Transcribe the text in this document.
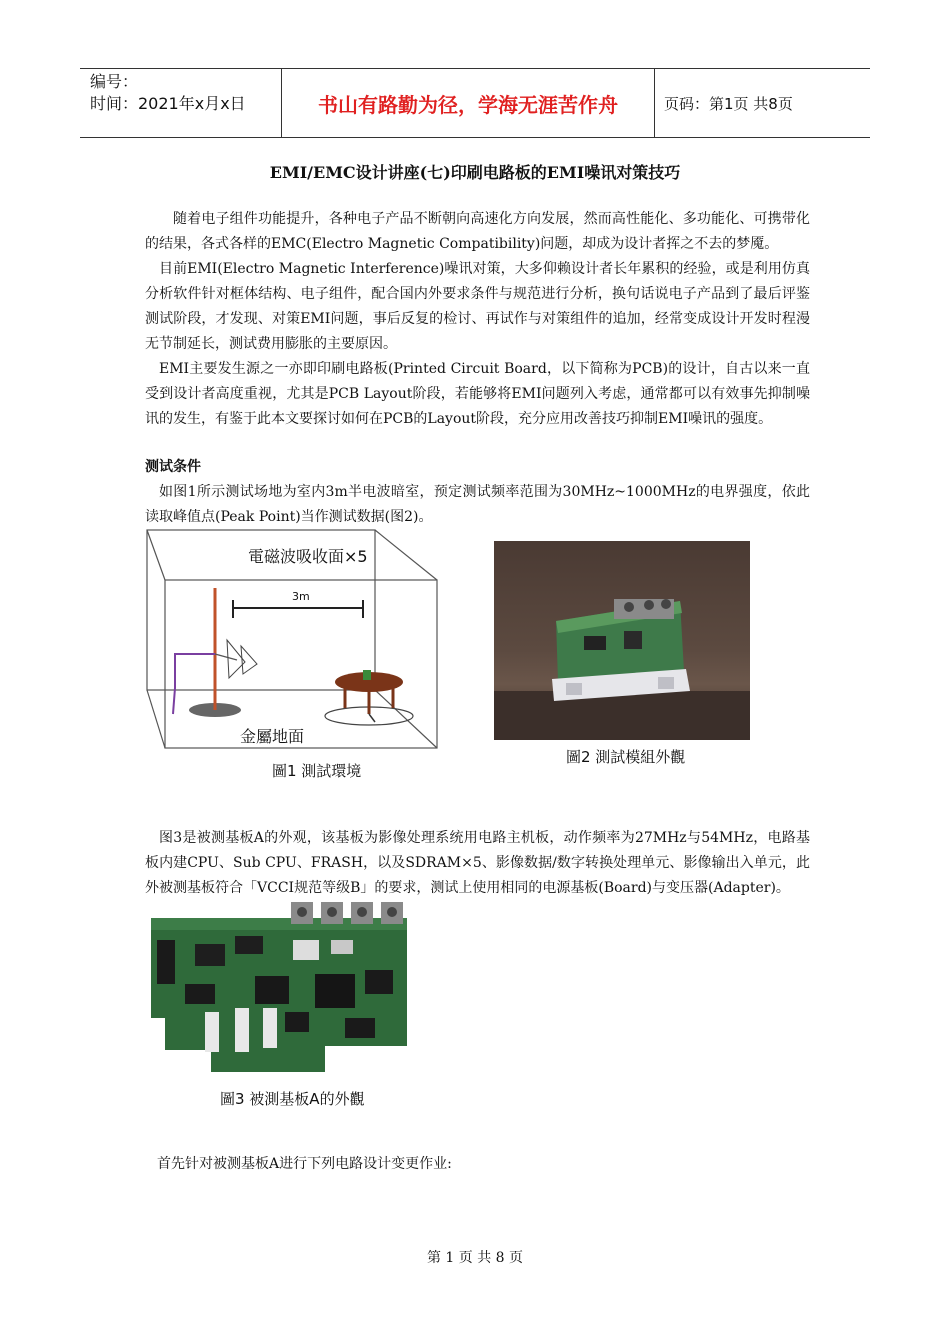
编号：
时间：2021年x月x日	书山有路勤为径，学海无涯苦作舟	页码：第1页 共8页
EMI/EMC设计讲座(七)印刷电路板的EMI噪讯对策技巧
随着电子组件功能提升，各种电子产品不断朝向高速化方向发展，然而高性能化、多功能化、可携带化的结果，各式各样的EMC(Electro Magnetic Compatibility)问题，却成为设计者挥之不去的梦魇。
目前EMI(Electro Magnetic Interference)噪讯对策，大多仰赖设计者长年累积的经验，或是利用仿真分析软件针对框体结构、电子组件，配合国内外要求条件与规范进行分析，换句话说电子产品到了最后评鉴测试阶段，才发现、对策EMI问题，事后反复的检讨、再试作与对策组件的追加，经常变成设计开发时程漫无节制延长，测试费用膨胀的主要原因。
EMI主要发生源之一亦即印刷电路板(Printed Circuit Board，以下简称为PCB)的设计，自古以来一直受到设计者高度重视，尤其是PCB Layout阶段，若能够将EMI问题列入考虑，通常都可以有效事先抑制噪讯的发生，有鉴于此本文要探讨如何在PCB的Layout阶段，充分应用改善技巧抑制EMI噪讯的强度。
测试条件
如图1所示测试场地为室内3m半电波暗室，预定测试频率范围为30MHz~1000MHz的电界强度，依此读取峰值点(Peak Point)当作测试数据(图2)。
電磁波吸收面×5
3m
金屬地面
圖1 測試環境
圖2 測試模組外觀
图3是被测基板A的外观，该基板为影像处理系统用电路主机板，动作频率为27MHz与54MHz，电路基板内建CPU、Sub CPU、FRASH，以及SDRAM×5、影像数据/数字转换处理单元、影像输出入单元，此外被测基板符合「VCCI规范等级B」的要求，测试上使用相同的电源基板(Board)与变压器(Adapter)。
圖3 被測基板A的外觀
首先针对被测基板A进行下列电路设计变更作业:
第 1 页 共 8 页
